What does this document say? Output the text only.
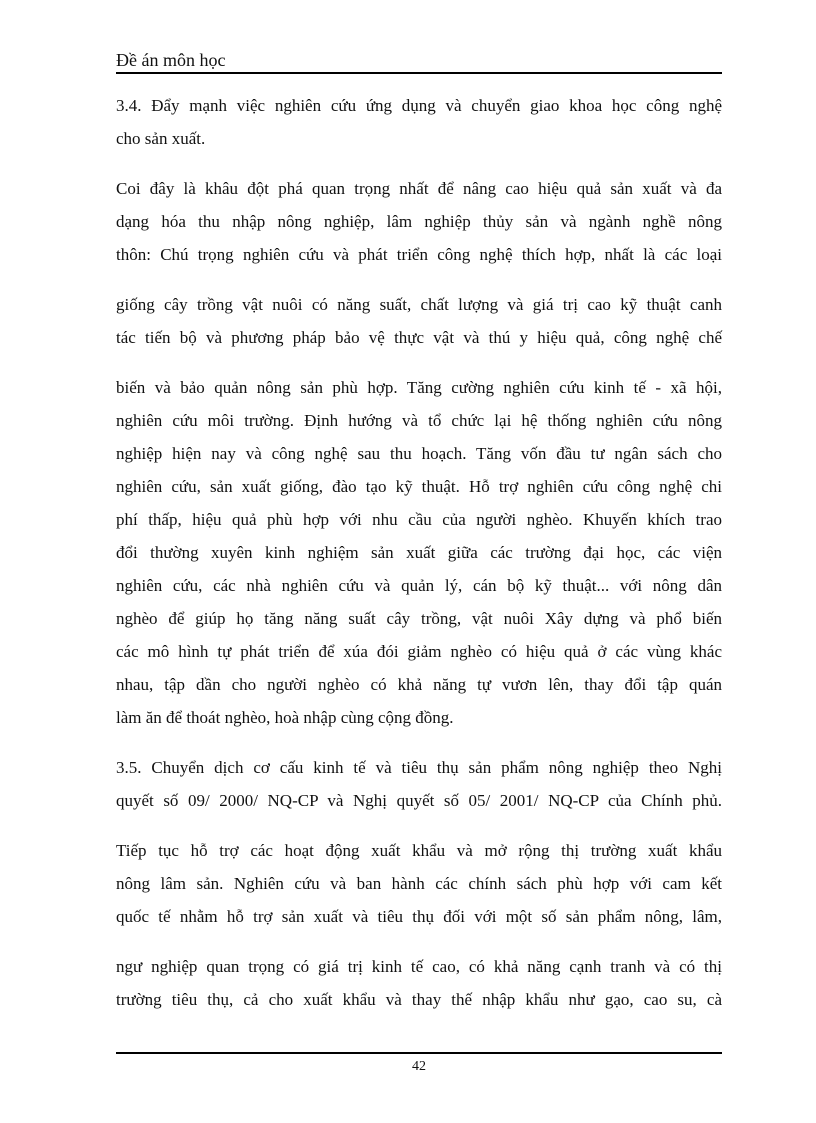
Đề án môn học
3.4. Đẩy mạnh việc nghiên cứu ứng dụng và chuyển giao khoa học công nghệ
cho sản xuất.
Coi đây là khâu đột phá quan trọng nhất để nâng cao hiệu quả sản xuất và đa
dạng hóa thu nhập nông nghiệp, lâm nghiệp thủy sản và ngành nghề nông
thôn: Chú trọng nghiên cứu và phát triển công nghệ thích hợp, nhất là các loại
giống cây trồng vật nuôi có năng suất, chất lượng và giá trị cao kỹ thuật canh
tác tiến bộ và phương pháp bảo vệ thực vật và thú y hiệu quả, công nghệ chế
biến và bảo quản nông sản phù hợp. Tăng cường nghiên cứu kinh tế - xã hội,
nghiên cứu môi trường. Định hướng và tổ chức lại hệ thống nghiên cứu nông
nghiệp hiện nay và công nghệ sau thu hoạch. Tăng vốn đầu tư ngân sách cho
nghiên cứu, sản xuất giống, đào tạo kỹ thuật. Hỗ trợ nghiên cứu công nghệ chi
phí thấp, hiệu quả phù hợp với nhu cầu của người nghèo. Khuyến khích trao
đổi thường xuyên kinh nghiệm sản xuất giữa các trường đại học, các viện
nghiên cứu, các nhà nghiên cứu và quản lý, cán bộ kỹ thuật... với nông dân
nghèo để giúp họ tăng năng suất cây trồng, vật nuôi Xây dựng và phổ biến
các mô hình tự phát triển để xúa đói giảm nghèo có hiệu quả ở các vùng khác
nhau, tập dần cho người nghèo có khả năng tự vươn lên, thay đổi tập quán
làm ăn để thoát nghèo, hoà nhập cùng cộng đồng.
3.5. Chuyển dịch cơ cấu kinh tế và tiêu thụ sản phẩm nông nghiệp theo Nghị
quyết số 09/ 2000/ NQ-CP và Nghị quyết số 05/ 2001/ NQ-CP của Chính phủ.
Tiếp tục hỗ trợ các hoạt động xuất khẩu và mở rộng thị trường xuất khẩu
nông lâm sản. Nghiên cứu và ban hành các chính sách phù hợp với cam kết
quốc tế nhằm hỗ trợ sản xuất và tiêu thụ đối với một số sản phẩm nông, lâm,
ngư nghiệp quan trọng có giá trị kinh tế cao, có khả năng cạnh tranh và có thị
trường tiêu thụ, cả cho xuất khẩu và thay thế nhập khẩu như gạo, cao su, cà
42
